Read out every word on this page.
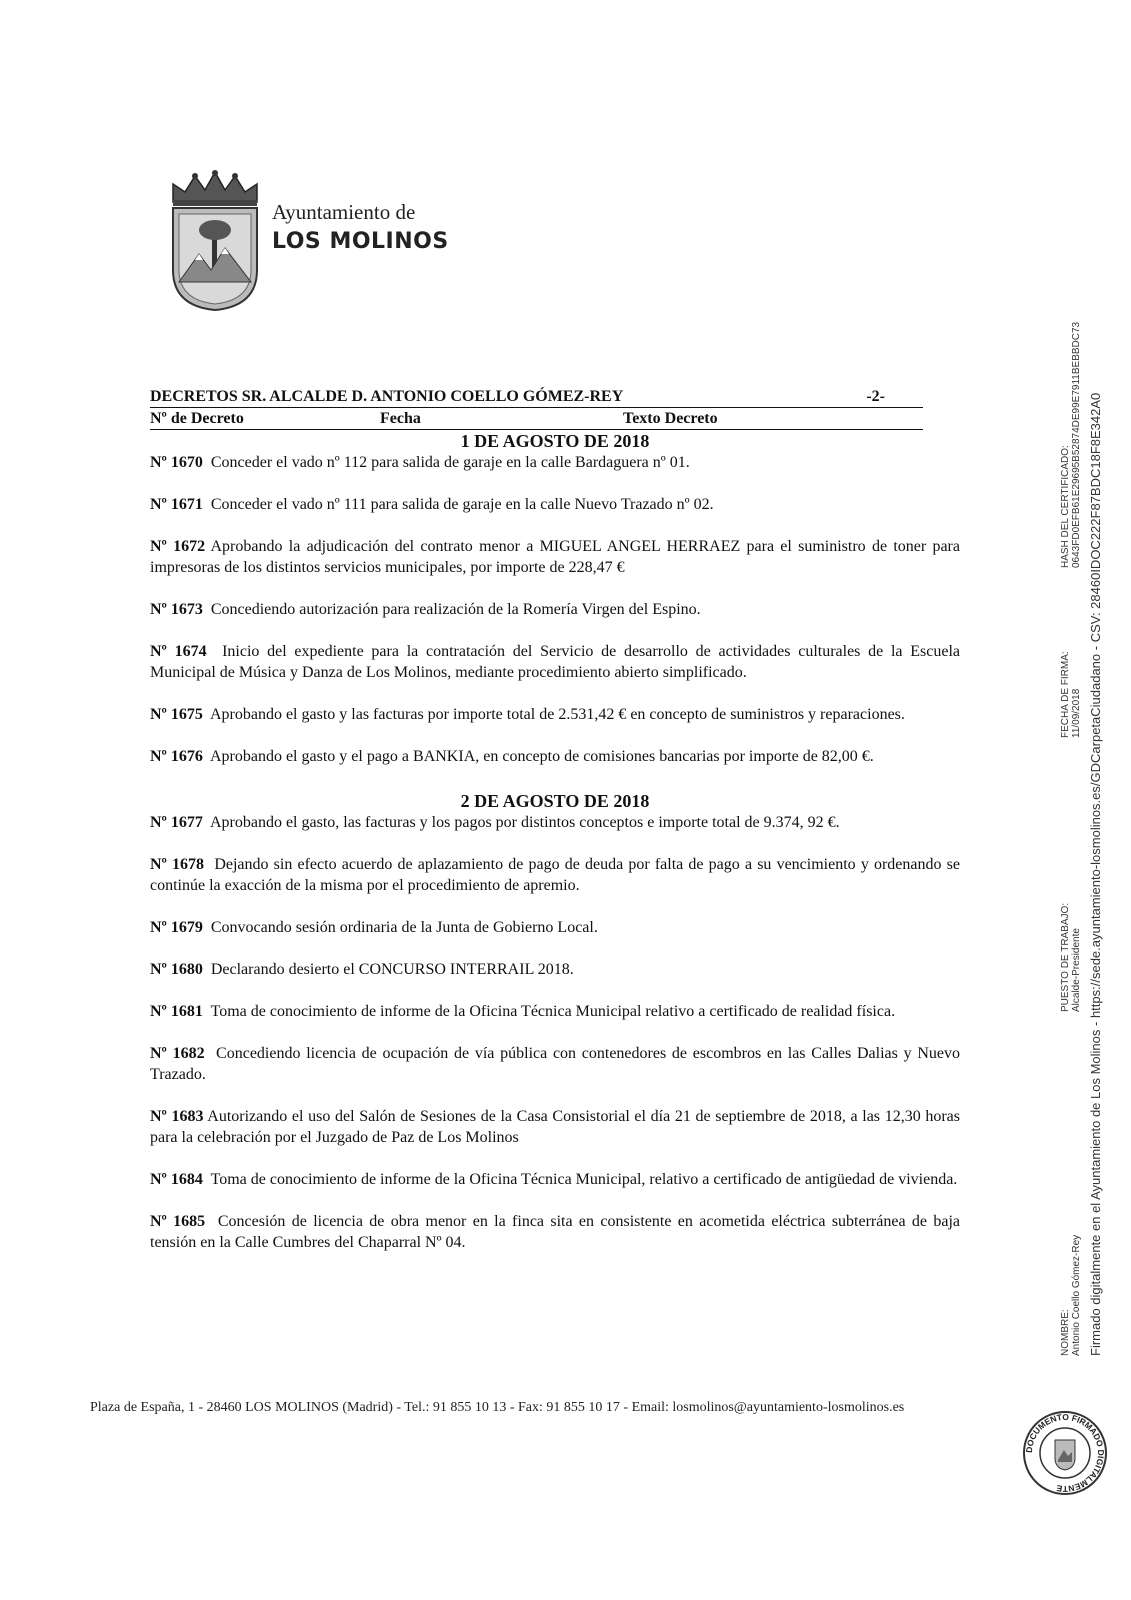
Ayuntamiento de
LOS MOLINOS
DECRETOS SR. ALCALDE D. ANTONIO COELLO GÓMEZ-REY	-2-
Nº de Decreto	Fecha	Texto Decreto
1 DE AGOSTO DE 2018

Nº 1670 Conceder el vado nº 112 para salida de garaje en la calle Bardaguera nº 01.

Nº 1671 Conceder el vado nº 111 para salida de garaje en la calle Nuevo Trazado nº 02.

Nº 1672 Aprobando la adjudicación del contrato menor a MIGUEL ANGEL HERRAEZ para el suministro de toner para impresoras de los distintos servicios municipales, por importe de 228,47 €

Nº 1673 Concediendo autorización para realización de la Romería Virgen del Espino.

Nº 1674 Inicio del expediente para la contratación del Servicio de desarrollo de actividades culturales de la Escuela Municipal de Música y Danza de Los Molinos, mediante procedimiento abierto simplificado.

Nº 1675 Aprobando el gasto y las facturas por importe total de 2.531,42 € en concepto de suministros y reparaciones.

Nº 1676 Aprobando el gasto y el pago a BANKIA, en concepto de comisiones bancarias por importe de 82,00 €.

2 DE AGOSTO DE 2018

Nº 1677 Aprobando el gasto, las facturas y los pagos por distintos conceptos e importe total de 9.374, 92 €.

Nº 1678 Dejando sin efecto acuerdo de aplazamiento de pago de deuda por falta de pago a su vencimiento y ordenando se continúe la exacción de la misma por el procedimiento de apremio.

Nº 1679 Convocando sesión ordinaria de la Junta de Gobierno Local.

Nº 1680 Declarando desierto el CONCURSO INTERRAIL 2018.

Nº 1681 Toma de conocimiento de informe de la Oficina Técnica Municipal relativo a certificado de realidad física.

Nº 1682 Concediendo licencia de ocupación de vía pública con contenedores de escombros en las Calles Dalias y Nuevo Trazado.

Nº 1683 Autorizando el uso del Salón de Sesiones de la Casa Consistorial el día 21 de septiembre de 2018, a las 12,30 horas para la celebración por el Juzgado de Paz de Los Molinos

Nº 1684 Toma de conocimiento de informe de la Oficina Técnica Municipal, relativo a certificado de antigüedad de vivienda.

Nº 1685 Concesión de licencia de obra menor en la finca sita en consistente en acometida eléctrica subterránea de baja tensión en la Calle Cumbres del Chaparral Nº 04.

Plaza de España, 1 - 28460 LOS MOLINOS (Madrid) - Tel.: 91 855 10 13 - Fax: 91 855 10 17 - Email: losmolinos@ayuntamiento-losmolinos.es
NOMBRE: Antonio Coello Gómez-Rey
PUESTO DE TRABAJO: Alcalde-Presidente
FECHA DE FIRMA: 11/09/2018
HASH DEL CERTIFICADO: 0643FD0EFB61E29695B52874DE99E7911BEBBDC73 Firmado digitalmente en el Ayuntamiento de Los Molinos - https://sede.ayuntamiento-losmolinos.es/GDCarpetaCiudadano - CSV: 28460IDOC222F87BDC18F8E342A0
DOCUMENTO FIRMADO DIGITALMENTE
